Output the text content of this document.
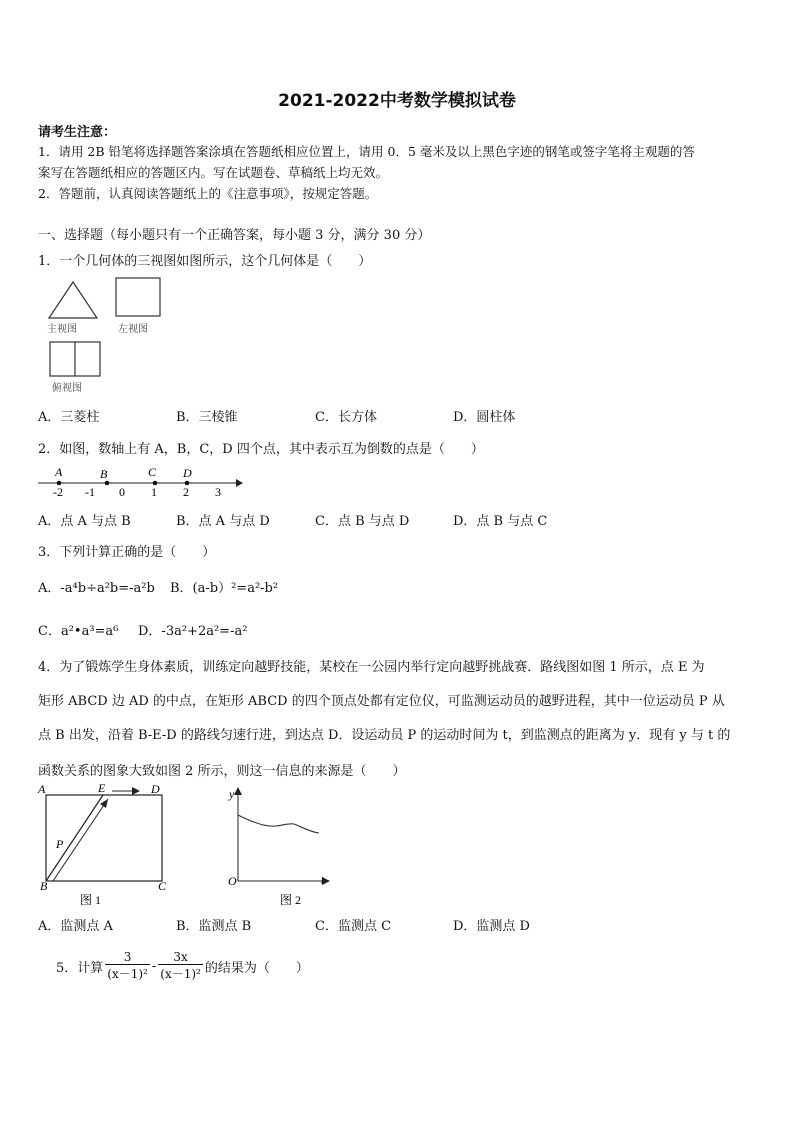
2021-2022中考数学模拟试卷
请考生注意：
1．请用 2B 铅笔将选择题答案涂填在答题纸相应位置上，请用 0．5 毫米及以上黑色字迹的钢笔或签字笔将主观题的答
案写在答题纸相应的答题区内。写在试题卷、草稿纸上均无效。
2．答题前，认真阅读答题纸上的《注意事项》，按规定答题。
一、选择题（每小题只有一个正确答案，每小题 3 分，满分 30 分）
1．一个几何体的三视图如图所示，这个几何体是（　　）
主视图	左视图
俯视图
A．三菱柱	B．三棱锥	C．长方体	D．圆柱体
2．如图，数轴上有 A，B，C，D 四个点，其中表示互为倒数的点是（　　）
A	B	C D
-2 -1 0 1 2 3
A．点 A 与点 B	B．点 A 与点 D	C．点 B 与点 D	D．点 B 与点 C
3．下列计算正确的是（　　）
A．-a⁴b÷a²b=-a²b B．(a-b）²=a²-b²
C．a²•a³=a⁶ D．-3a²+2a²=-a²
4．为了锻炼学生身体素质，训练定向越野技能，某校在一公园内举行定向越野挑战赛．路线图如图 1 所示，点 E 为
矩形 ABCD 边 AD 的中点，在矩形 ABCD 的四个顶点处都有定位仪，可监测运动员的越野进程，其中一位运动员 P 从
点 B 出发，沿着 B-E-D 的路线匀速行进，到达点 D．设运动员 P 的运动时间为 t，到监测点的距离为 y．现有 y 与 t 的
函数关系的图象大致如图 2 所示，则这一信息的来源是（　　）
A	E	D
P
B	C
图 1
y
t
O
图 2
A．监测点 A	B．监测点 B	C．监测点 C	D．监测点 D
5．计算 $\frac{3}{\text{(x－1)²}} - \frac{3x}{\text{(x－1)²}}$ 的结果为（　　）
